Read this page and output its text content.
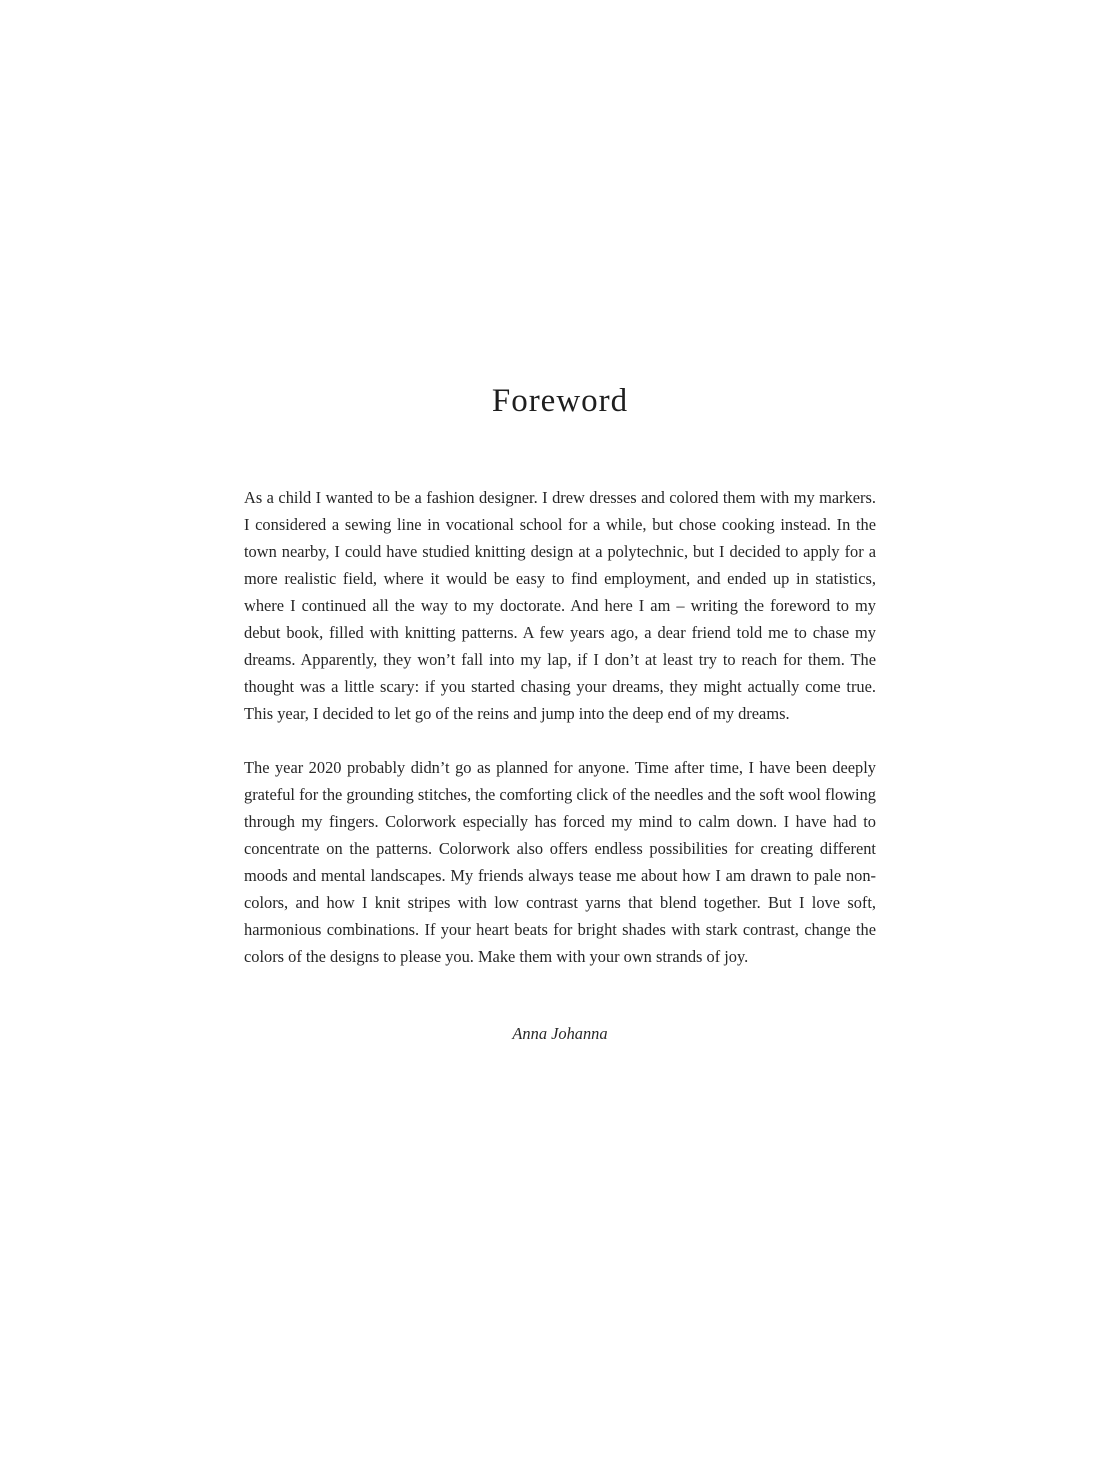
Foreword

As a child I wanted to be a fashion designer. I drew dresses and colored them with my markers. I considered a sewing line in vocational school for a while, but chose cooking instead. In the town nearby, I could have studied knitting design at a polytechnic, but I decided to apply for a more realistic field, where it would be easy to find employment, and ended up in statistics, where I continued all the way to my doctorate. And here I am – writing the foreword to my debut book, filled with knitting patterns. A few years ago, a dear friend told me to chase my dreams. Apparently, they won’t fall into my lap, if I don’t at least try to reach for them. The thought was a little scary: if you started chasing your dreams, they might actually come true. This year, I decided to let go of the reins and jump into the deep end of my dreams.

The year 2020 probably didn’t go as planned for anyone. Time after time, I have been deeply grateful for the grounding stitches, the comforting click of the needles and the soft wool flowing through my fingers. Colorwork especially has forced my mind to calm down. I have had to concentrate on the patterns. Colorwork also offers endless possibilities for creating different moods and mental landscapes. My friends always tease me about how I am drawn to pale non-colors, and how I knit stripes with low contrast yarns that blend together. But I love soft, harmonious combinations. If your heart beats for bright shades with stark contrast, change the colors of the designs to please you. Make them with your own strands of joy.

Anna Johanna
